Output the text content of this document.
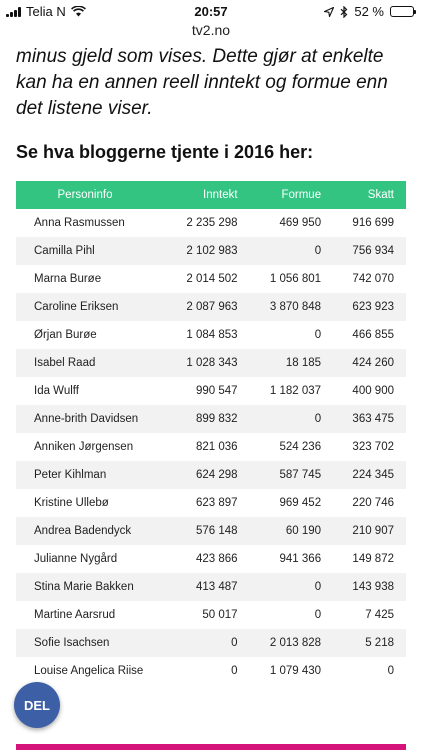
Telia N	20:57	52 %
tv2.no

minus gjeld som vises. Dette gjør at enkelte kan ha en annen reell inntekt og formue enn det listene viser.

Se hva bloggerne tjente i 2016 her:
Personinfo	Inntekt	Formue	Skatt
Anna Rasmussen	2 235 298	469 950	916 699
Camilla Pihl	2 102 983	0	756 934
Marna Burøe	2 014 502	1 056 801	742 070
Caroline Eriksen	2 087 963	3 870 848	623 923
Ørjan Burøe	1 084 853	0	466 855
Isabel Raad	1 028 343	18 185	424 260
Ida Wulff	990 547	1 182 037	400 900
Anne-brith Davidsen	899 832	0	363 475
Anniken Jørgensen	821 036	524 236	323 702
Peter Kihlman	624 298	587 745	224 345
Kristine Ullebø	623 897	969 452	220 746
Andrea Badendyck	576 148	60 190	210 907
Julianne Nygård	423 866	941 366	149 872
Stina Marie Bakken	413 487	0	143 938
Martine Aarsrud	50 017	0	7 425
Sofie Isachsen	0	2 013 828	5 218
Louise Angelica Riise	0	1 079 430	0
DEL
